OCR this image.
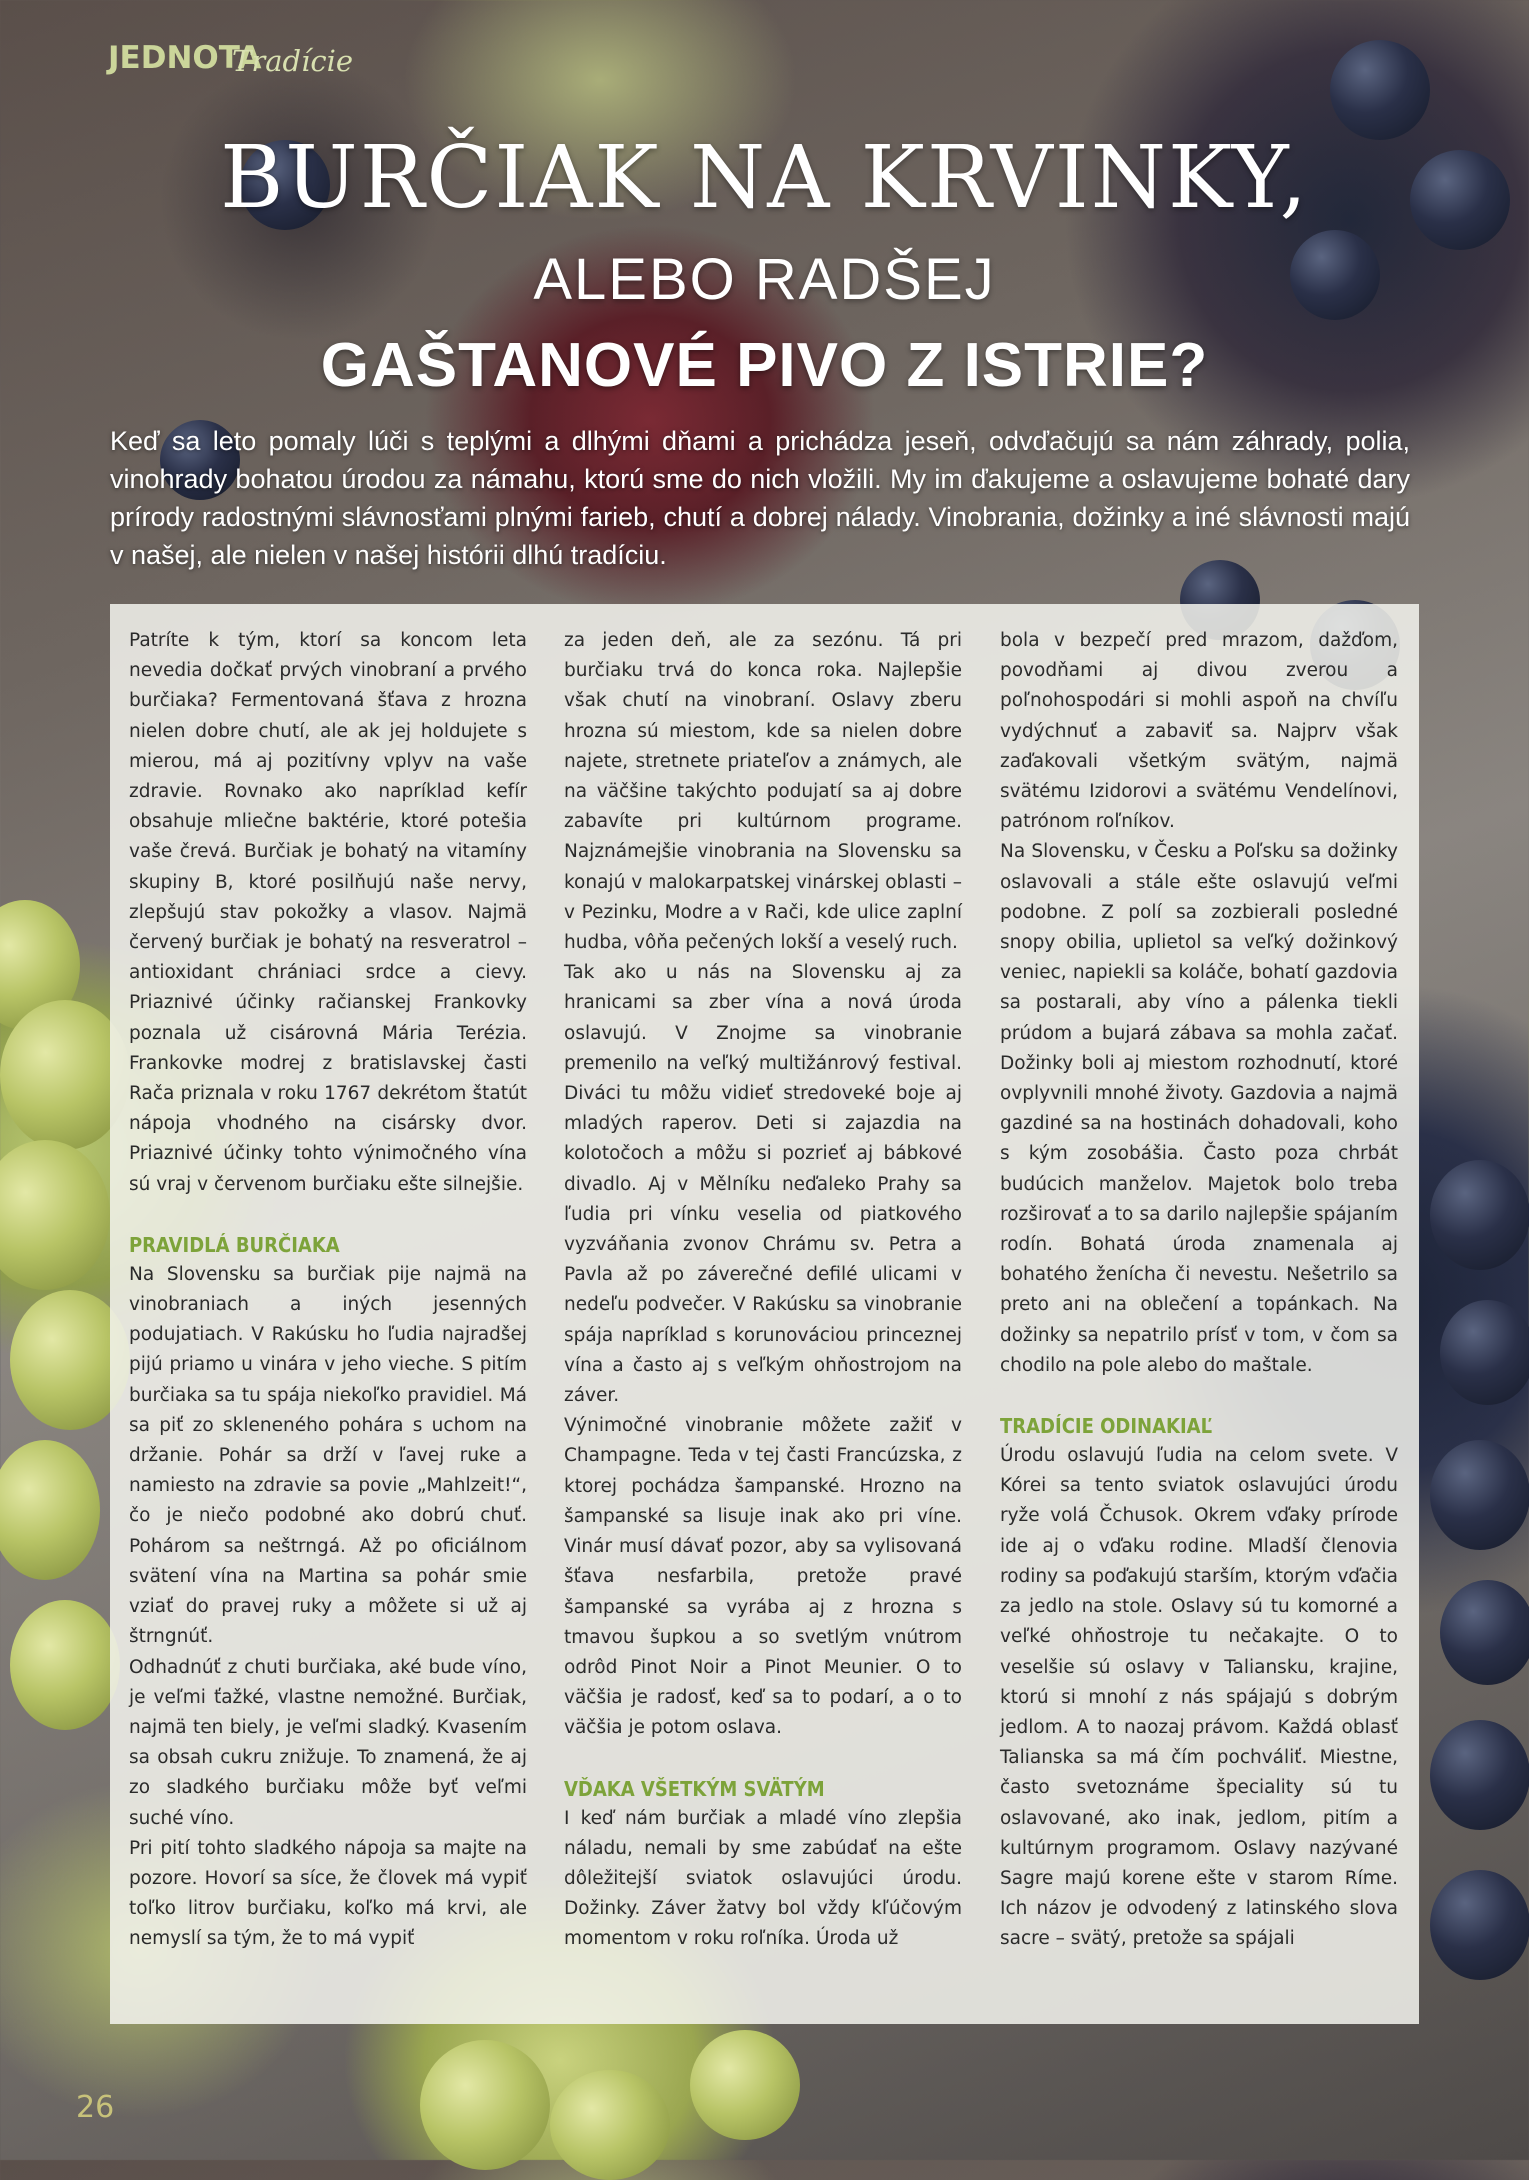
JEDNOTA
Tradície
BURČIAK NA KRVINKY,
ALEBO RADŠEJ
GAŠTANOVÉ PIVO Z ISTRIE?
Keď sa leto pomaly lúči s teplými a dlhými dňami a prichádza jeseň, odvďačujú sa nám záhrady, polia, vinohrady bohatou úrodou za námahu, ktorú sme do nich vložili. My im ďakujeme a oslavujeme bohaté dary prírody radostnými slávnosťami plnými farieb, chutí a dobrej nálady. Vinobrania, dožinky a iné slávnosti majú v našej, ale nielen v našej histórii dlhú tradíciu.

Patríte k tým, ktorí sa koncom leta nevedia dočkať prvých vinobraní a prvého burčiaka? Fermentovaná šťava z hrozna nielen dobre chutí, ale ak jej holdujete s mierou, má aj pozitívny vplyv na vaše zdravie. Rovnako ako napríklad kefír obsahuje mliečne baktérie, ktoré potešia vaše črevá. Burčiak je bohatý na vitamíny skupiny B, ktoré posilňujú naše nervy, zlepšujú stav pokožky a vlasov. Najmä červený burčiak je bohatý na resveratrol – antioxidant chrániaci srdce a cievy. Priaznivé účinky račianskej Frankovky poznala už cisárovná Mária Terézia. Frankovke modrej z bratislavskej časti Rača priznala v roku 1767 dekrétom štatút nápoja vhodného na cisársky dvor. Priaznivé účinky tohto výnimočného vína sú vraj v červenom burčiaku ešte silnejšie.

PRAVIDLÁ BURČIAKA

Na Slovensku sa burčiak pije najmä na vinobraniach a iných jesenných podujatiach. V Rakúsku ho ľudia najradšej pijú priamo u vinára v jeho vieche. S pitím burčiaka sa tu spája niekoľko pravidiel. Má sa piť zo skleneného pohára s uchom na držanie. Pohár sa drží v ľavej ruke a namiesto na zdravie sa povie „Mahlzeit!“, čo je niečo podobné ako dobrú chuť. Pohárom sa neštrngá. Až po oficiálnom svätení vína na Martina sa pohár smie vziať do pravej ruky a môžete si už aj štrngnúť.

Odhadnúť z chuti burčiaka, aké bude víno, je veľmi ťažké, vlastne nemožné. Burčiak, najmä ten biely, je veľmi sladký. Kvasením sa obsah cukru znižuje. To znamená, že aj zo sladkého burčiaku môže byť veľmi suché víno.

Pri pití tohto sladkého nápoja sa majte na pozore. Hovorí sa síce, že človek má vypiť toľko litrov burčiaku, koľko má krvi, ale nemyslí sa tým, že to má vypiť

za jeden deň, ale za sezónu. Tá pri burčiaku trvá do konca roka. Najlepšie však chutí na vinobraní. Oslavy zberu hrozna sú miestom, kde sa nielen dobre najete, stretnete priateľov a známych, ale na väčšine takýchto podujatí sa aj dobre zabavíte pri kultúrnom programe. Najznámejšie vinobrania na Slovensku sa konajú v malokarpatskej vinárskej oblasti – v Pezinku, Modre a v Rači, kde ulice zaplní hudba, vôňa pečených lokší a veselý ruch.

Tak ako u nás na Slovensku aj za hranicami sa zber vína a nová úroda oslavujú. V Znojme sa vinobranie premenilo na veľký multižánrový festival. Diváci tu môžu vidieť stredoveké boje aj mladých raperov. Deti si zajazdia na kolotočoch a môžu si pozrieť aj bábkové divadlo. Aj v Mělníku neďaleko Prahy sa ľudia pri vínku veselia od piatkového vyzváňania zvonov Chrámu sv. Petra a Pavla až po záverečné defilé ulicami v nedeľu podvečer. V Rakúsku sa vinobranie spája napríklad s korunováciou princeznej vína a často aj s veľkým ohňostrojom na záver.

Výnimočné vinobranie môžete zažiť v Champagne. Teda v tej časti Francúzska, z ktorej pochádza šampanské. Hrozno na šampanské sa lisuje inak ako pri víne. Vinár musí dávať pozor, aby sa vylisovaná šťava nesfarbila, pretože pravé šampanské sa vyrába aj z hrozna s tmavou šupkou a so svetlým vnútrom odrôd Pinot Noir a Pinot Meunier. O to väčšia je radosť, keď sa to podarí, a o to väčšia je potom oslava.

VĎAKA VŠETKÝM SVÄTÝM

I keď nám burčiak a mladé víno zlepšia náladu, nemali by sme zabúdať na ešte dôležitejší sviatok oslavujúci úrodu. Dožinky. Záver žatvy bol vždy kľúčovým momentom v roku roľníka. Úroda už

bola v bezpečí pred mrazom, dažďom, povodňami aj divou zverou a poľnohospodári si mohli aspoň na chvíľu vydýchnuť a zabaviť sa. Najprv však zaďakovali všetkým svätým, najmä svätému Izidorovi a svätému Vendelínovi, patrónom roľníkov.

Na Slovensku, v Česku a Poľsku sa dožinky oslavovali a stále ešte oslavujú veľmi podobne. Z polí sa zozbierali posledné snopy obilia, uplietol sa veľký dožinkový veniec, napiekli sa koláče, bohatí gazdovia sa postarali, aby víno a pálenka tiekli prúdom a bujará zábava sa mohla začať. Dožinky boli aj miestom rozhodnutí, ktoré ovplyvnili mnohé životy. Gazdovia a najmä gazdiné sa na hostinách dohadovali, koho s kým zosobášia. Často poza chrbát budúcich manželov. Majetok bolo treba rozširovať a to sa darilo najlepšie spájaním rodín. Bohatá úroda znamenala aj bohatého ženícha či nevestu. Nešetrilo sa preto ani na oblečení a topánkach. Na dožinky sa nepatrilo prísť v tom, v čom sa chodilo na pole alebo do maštale.

TRADÍCIE ODINAKIAĽ

Úrodu oslavujú ľudia na celom svete. V Kórei sa tento sviatok oslavujúci úrodu ryže volá Čchusok. Okrem vďaky prírode ide aj o vďaku rodine. Mladší členovia rodiny sa poďakujú starším, ktorým vďačia za jedlo na stole. Oslavy sú tu komorné a veľké ohňostroje tu nečakajte. O to veselšie sú oslavy v Taliansku, krajine, ktorú si mnohí z nás spájajú s dobrým jedlom. A to naozaj právom. Každá oblasť Talianska sa má čím pochváliť. Miestne, často svetoznáme špeciality sú tu oslavované, ako inak, jedlom, pitím a kultúrnym programom. Oslavy nazývané Sagre majú korene ešte v starom Ríme. Ich názov je odvodený z latinského slova sacre – svätý, pretože sa spájali

26
